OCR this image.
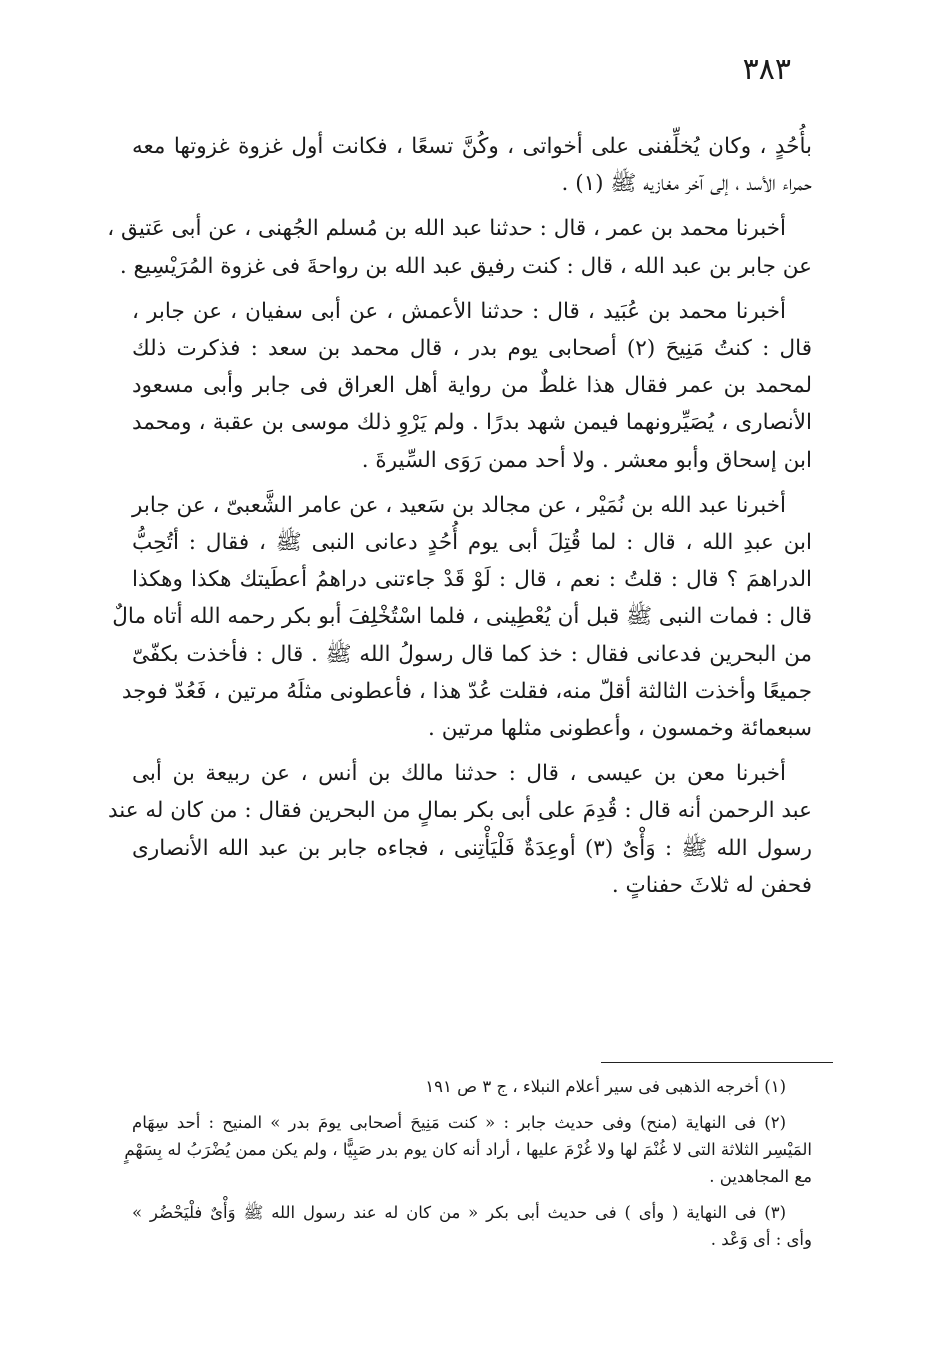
٣٨٣

بأُحُدٍ ، وكان يُخلِّفنى على أخواتى ، وكُنَّ تسعًا ، فكانت أول غزوة غزوتها معه
حمراء الأسد ، إلى آخر مغازيه ﷺ (١) .

أخبرنا محمد بن عمر ، قال : حدثنا عبد الله بن مُسلم الجُهنى ، عن أبى عَتيق ،
عن جابر بن عبد الله ، قال : كنت رفيق عبد الله بن رواحةَ فى غزوة المُرَيْسِيع .

أخبرنا محمد بن عُبَيد ، قال : حدثنا الأعمش ، عن أبى سفيان ، عن جابر ،
قال : كنتُ مَنِيحَ (٢) أصحابى يوم بدر ، قال محمد بن سعد : فذكرت ذلك
لمحمد بن عمر فقال هذا غلطٌ من رواية أهل العراق فى جابر وأبى مسعود
الأنصارى ، يُصَيِّرونهما فيمن شهد بدرًا . ولم يَرْوِ ذلك موسى بن عقبة ، ومحمد
ابن إسحاق وأبو معشر . ولا أحد ممن رَوَى السِّيرةَ .

أخبرنا عبد الله بن نُمَيْر ، عن مجالد بن سَعيد ، عن عامر الشَّعبىّ ، عن جابر
ابن عبدِ الله ، قال : لما قُتِلَ أبى يوم أُحُدٍ دعانى النبى ﷺ ، فقال : أتُحِبُّ
الدراهمَ ؟ قال : قلتُ : نعم ، قال : لَوْ قَدْ جاءتنى دراهمُ أعطَيتك هكذا وهكذا
قال : فمات النبى ﷺ قبل أن يُعْطِينى ، فلما اسْتُخْلِفَ أبو بكر رحمه الله أتاه مالٌ
من البحرين فدعانى فقال : خذ كما قال رسولُ الله ﷺ . قال : فأخذت بكفّىّ
جميعًا وأخذت الثالثة أقلّ منه، فقلت عُدّ هذا ، فأعطونى مثلَهُ مرتين ، فَعُدّ فوجد
سبعمائة وخمسون ، وأعطونى مثلها مرتين .

أخبرنا معن بن عيسى ، قال : حدثنا مالك بن أنس ، عن ربيعة بن أبى
عبد الرحمن أنه قال : قُدِمَ على أبى بكر بمالٍ من البحرين فقال : من كان له عند
رسول الله ﷺ : وَأْىٌ (٣) أوعِدَةٌ فَلْيَأْتِنى ، فجاءه جابر بن عبد الله الأنصارى
فحفن له ثلاثَ حفناتٍ .

(١) أخرجه الذهبى فى سير أعلام النبلاء ، ج ٣ ص ١٩١

(٢) فى النهاية (منح) وفى حديث جابر : « كنت مَنِيحَ أصحابى يومَ بدر » المنيح : أحد سِهَام
المَيْسِر الثلاثة التى لا غُنْمَ لها ولا غُرْمَ عليها ، أراد أنه كان يوم بدر صَبِيًّا ، ولم يكن ممن يُضْرَبُ له بِسَهْمٍ
مع المجاهدين .

(٣) فى النهاية ( وأى ) فى حديث أبى بكر « من كان له عند رسول الله ﷺ وَأْىٌ فلْيَحْضُر »
وأى : أى وَعْد .
